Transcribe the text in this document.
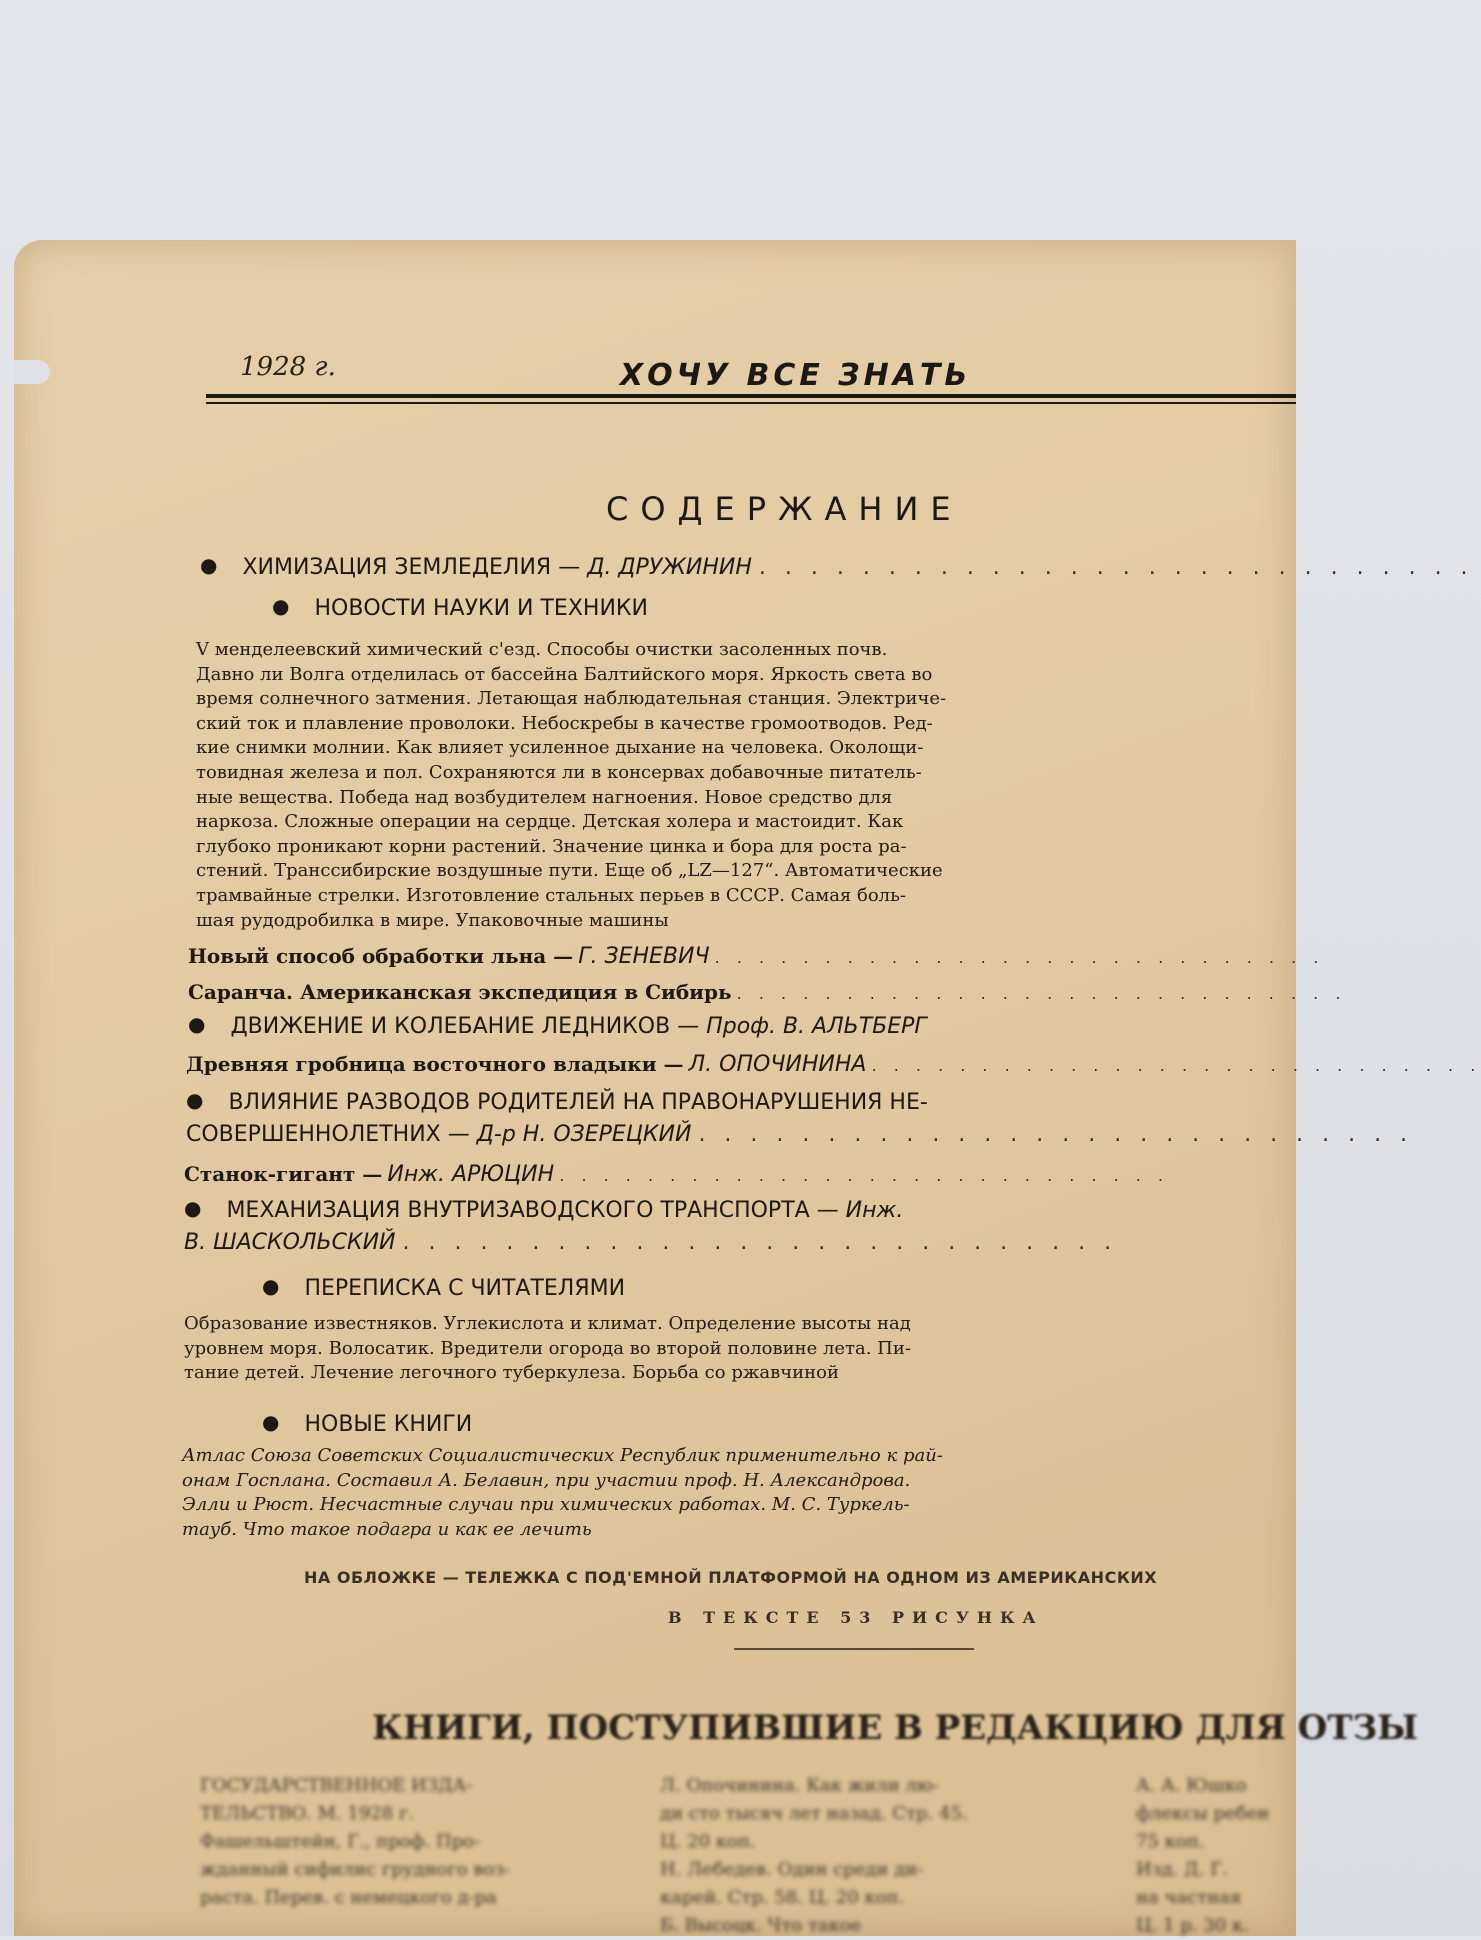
1928 г.	ХОЧУ ВСЕ ЗНАТЬ
СОДЕРЖАНИЕ
● ХИМИЗАЦИЯ ЗЕМЛЕДЕЛИЯ — Д. ДРУЖИНИН . . . . . . . . . . . . . . . . . . . . . . . . . . . .
● НОВОСТИ НАУКИ И ТЕХНИКИ
V менделеевский химический с'езд. Способы очистки засоленных почв.
Давно ли Волга отделилась от бассейна Балтийского моря. Яркость света во
время солнечного затмения. Летающая наблюдательная станция. Электриче-
ский ток и плавление проволоки. Небоскребы в качестве громоотводов. Ред-
кие снимки молнии. Как влияет усиленное дыхание на человека. Околощи-
товидная железа и пол. Сохраняются ли в консервах добавочные питатель-
ные вещества. Победа над возбудителем нагноения. Новое средство для
наркоза. Сложные операции на сердце. Детская холера и мастоидит. Как
глубоко проникают корни растений. Значение цинка и бора для роста ра-
стений. Транссибирские воздушные пути. Еще об „LZ—127“. Автоматические
трамвайные стрелки. Изготовление стальных перьев в СССР. Самая боль-
шая рудодробилка в мире. Упаковочные машины
Новый способ обработки льна — Г. ЗЕНЕВИЧ . . . . . . . . . . . . . . . . . . . . . . . . . . . .
Саранча. Американская экспедиция в Сибирь . . . . . . . . . . . . . . . . . . . . . . . . . . . .
● ДВИЖЕНИЕ И КОЛЕБАНИЕ ЛЕДНИКОВ — Проф. В. АЛЬТБЕРГ
Древняя гробница восточного владыки — Л. ОПОЧИНИНА . . . . . . . . . . . . . . . . . . . . . . . . . . . .
● ВЛИЯНИЕ РАЗВОДОВ РОДИТЕЛЕЙ НА ПРАВОНАРУШЕНИЯ НЕ-
СОВЕРШЕННОЛЕТНИХ — Д-р Н. ОЗЕРЕЦКИЙ . . . . . . . . . . . . . . . . . . . . . . . . . . . .
Станок-гигант — Инж. АРЮЦИН . . . . . . . . . . . . . . . . . . . . . . . . . . . .
● МЕХАНИЗАЦИЯ ВНУТРИЗАВОДСКОГО ТРАНСПОРТА — Инж.
В. ШАСКОЛЬСКИЙ . . . . . . . . . . . . . . . . . . . . . . . . . . . .
● ПЕРЕПИСКА С ЧИТАТЕЛЯМИ
Образование известняков. Углекислота и климат. Определение высоты над
уровнем моря. Волосатик. Вредители огорода во второй половине лета. Пи-
тание детей. Лечение легочного туберкулеза. Борьба со ржавчиной
● НОВЫЕ КНИГИ
Атлас Союза Советских Социалистических Республик применительно к рай-
онам Госплана. Составил А. Белавин, при участии проф. Н. Александрова.
Элли и Рюст. Несчастные случаи при химических работах. М. С. Туркель-
тауб. Что такое подагра и как ее лечить
НА ОБЛОЖКЕ — ТЕЛЕЖКА С ПОД'ЕМНОЙ ПЛАТФОРМОЙ НА ОДНОМ ИЗ АМЕРИКАНСКИХ
В ТЕКСТЕ 53 РИСУНКА
КНИГИ, ПОСТУПИВШИЕ В РЕДАКЦИЮ ДЛЯ ОТЗЫ
ГОСУДАРСТВЕННОЕ ИЗДА-
ТЕЛЬСТВО. М. 1928 г.
Фашельштейн, Г., проф. Про-
жданный сифилис грудного воз-
раста. Перев. с немецкого д-ра
Л. Опочинина. Как жили лю-
ди сто тысяч лет назад. Стр. 45.
Ц. 20 коп.
Н. Лебедев. Один среди ди-
карей. Стр. 58. Ц. 20 коп.
Б. Высоцк. Что такое
А. А. Юшко
флексы ребен
75 коп.
Изд. Д. Г.
на частная
Ц. 1 р. 30 к.
